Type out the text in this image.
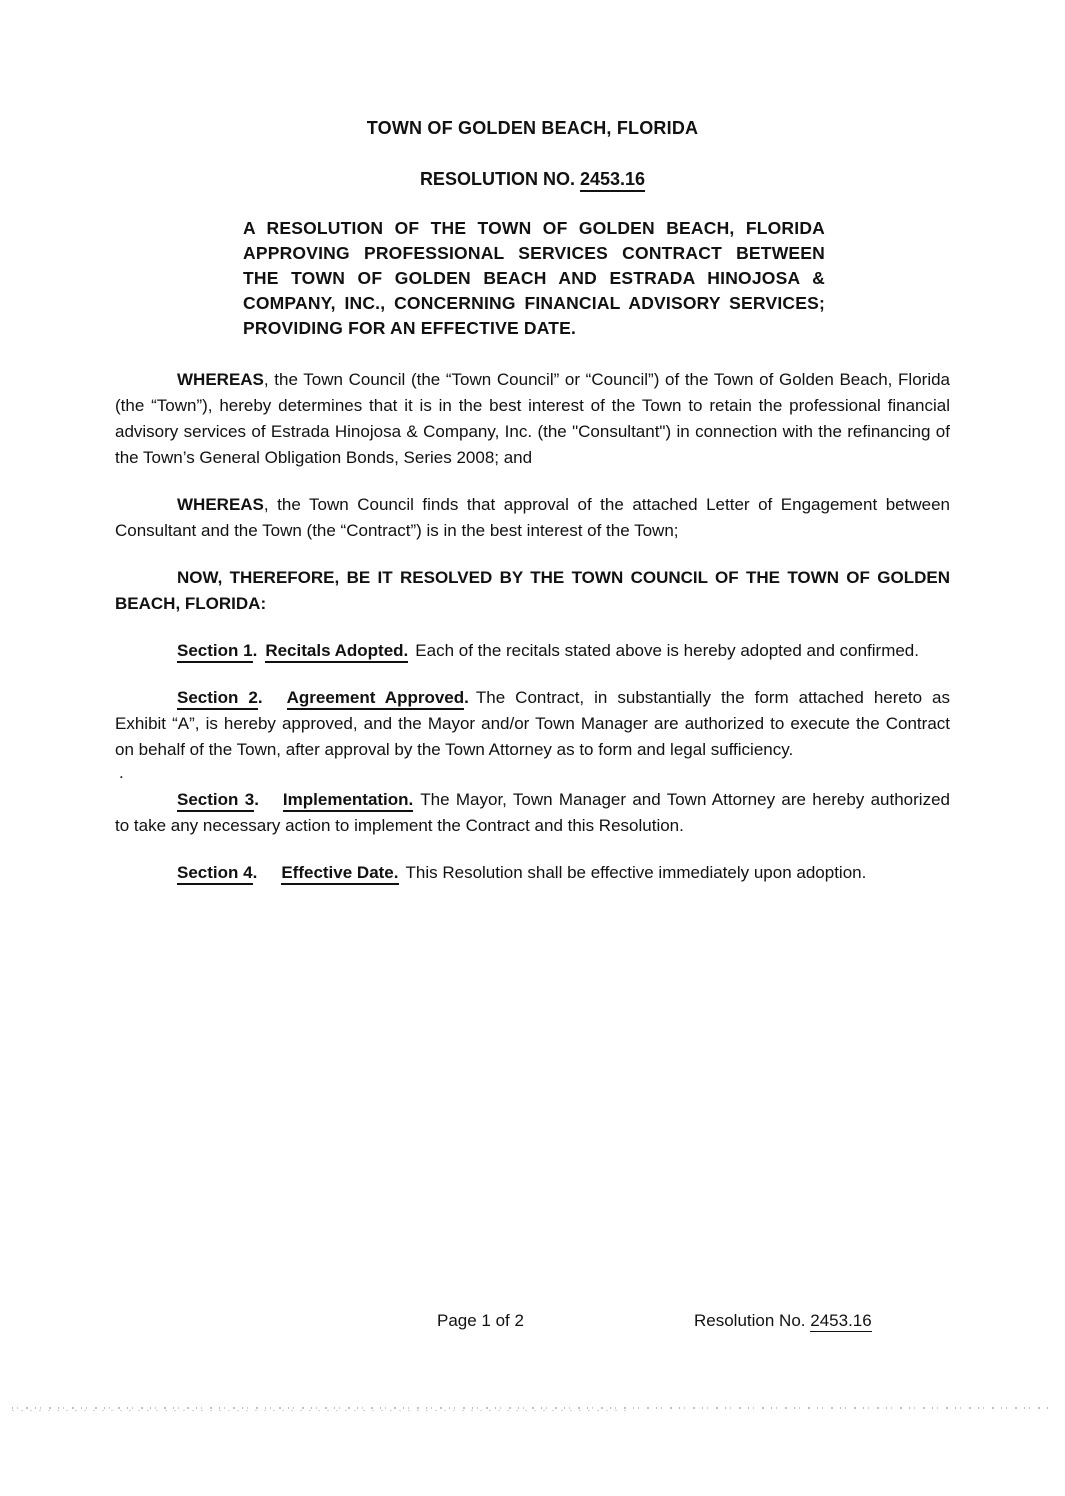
TOWN OF GOLDEN BEACH, FLORIDA
RESOLUTION NO. 2453.16
A RESOLUTION OF THE TOWN OF GOLDEN BEACH, FLORIDA APPROVING PROFESSIONAL SERVICES CONTRACT BETWEEN THE TOWN OF GOLDEN BEACH AND ESTRADA HINOJOSA & COMPANY, INC., CONCERNING FINANCIAL ADVISORY SERVICES; PROVIDING FOR AN EFFECTIVE DATE.

WHEREAS, the Town Council (the “Town Council” or “Council”) of the Town of Golden Beach, Florida (the “Town”), hereby determines that it is in the best interest of the Town to retain the professional financial advisory services of Estrada Hinojosa & Company, Inc. (the "Consultant") in connection with the refinancing of the Town’s General Obligation Bonds, Series 2008; and

WHEREAS, the Town Council finds that approval of the attached Letter of Engagement between Consultant and the Town (the “Contract”) is in the best interest of the Town;

NOW, THEREFORE, BE IT RESOLVED BY THE TOWN COUNCIL OF THE TOWN OF GOLDEN BEACH, FLORIDA:

Section 1. Recitals Adopted. Each of the recitals stated above is hereby adopted and confirmed.

Section 2. Agreement Approved. The Contract, in substantially the form attached hereto as Exhibit “A”, is hereby approved, and the Mayor and/or Town Manager are authorized to execute the Contract on behalf of the Town, after approval by the Town Attorney as to form and legal sufficiency.

.

Section 3. Implementation. The Mayor, Town Manager and Town Attorney are hereby authorized to take any necessary action to implement the Contract and this Resolution.

Section 4. Effective Date. This Resolution shall be effective immediately upon adoption.

Page 1 of 2	Resolution No. 2453.16
